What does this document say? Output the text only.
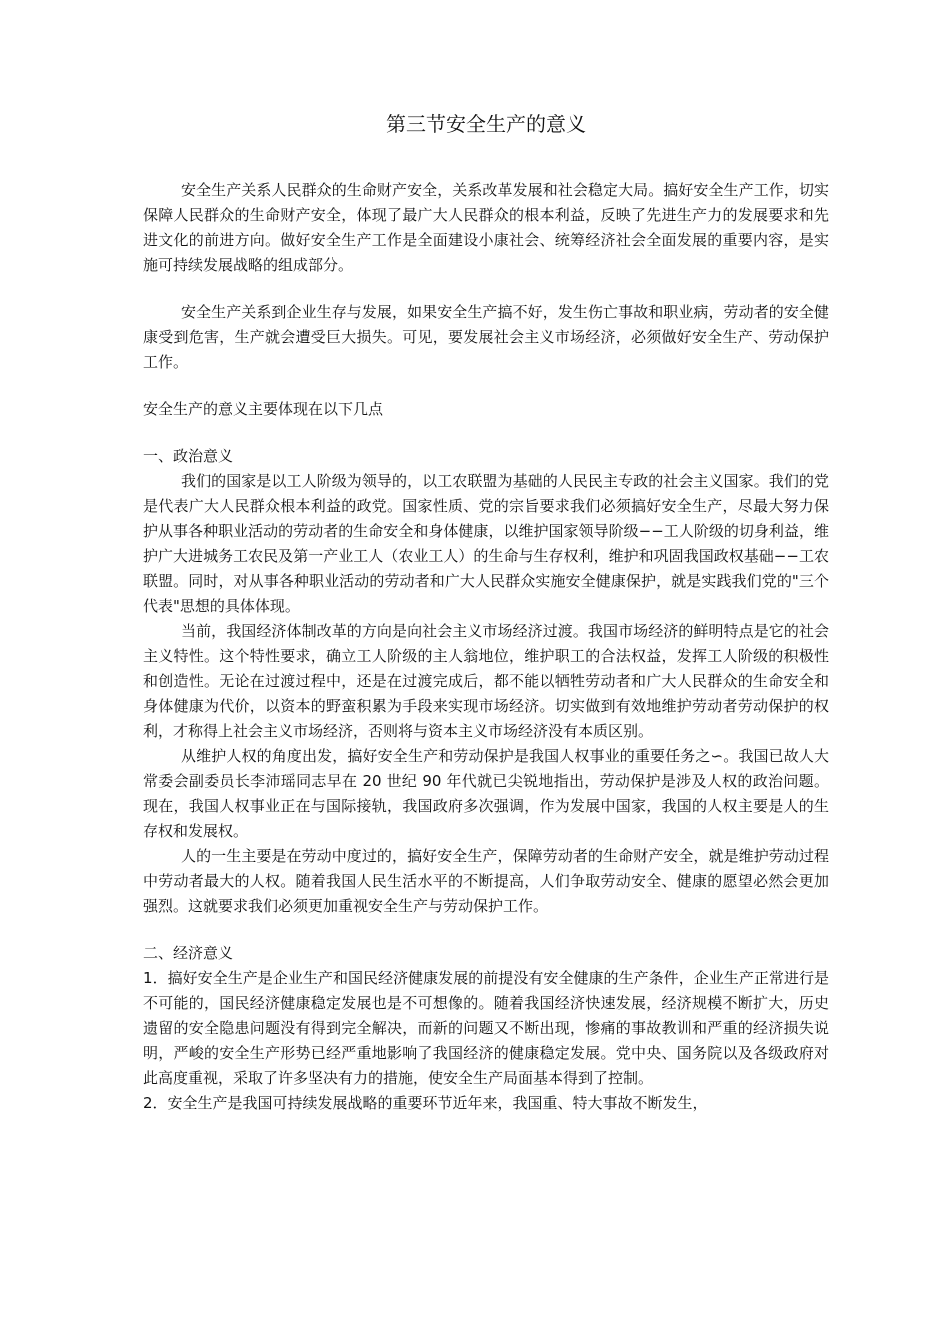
第三节安全生产的意义

安全生产关系人民群众的生命财产安全，关系改革发展和社会稳定大局。搞好安全生产工作，切实保障人民群众的生命财产安全，体现了最广大人民群众的根本利益，反映了先进生产力的发展要求和先进文化的前进方向。做好安全生产工作是全面建设小康社会、统筹经济社会全面发展的重要内容，是实施可持续发展战略的组成部分。

安全生产关系到企业生存与发展，如果安全生产搞不好，发生伤亡事故和职业病，劳动者的安全健康受到危害，生产就会遭受巨大损失。可见，要发展社会主义市场经济，必须做好安全生产、劳动保护工作。

安全生产的意义主要体现在以下几点

一、政治意义

我们的国家是以工人阶级为领导的，以工农联盟为基础的人民民主专政的社会主义国家。我们的党是代表广大人民群众根本利益的政党。国家性质、党的宗旨要求我们必须搞好安全生产，尽最大努力保护从事各种职业活动的劳动者的生命安全和身体健康，以维护国家领导阶级−−工人阶级的切身利益，维护广大进城务工农民及第一产业工人（农业工人）的生命与生存权利，维护和巩固我国政权基础−−工农联盟。同时，对从事各种职业活动的劳动者和广大人民群众实施安全健康保护，就是实践我们党的"三个代表"思想的具体体现。

当前，我国经济体制改革的方向是向社会主义市场经济过渡。我国市场经济的鲜明特点是它的社会主义特性。这个特性要求，确立工人阶级的主人翁地位，维护职工的合法权益，发挥工人阶级的积极性和创造性。无论在过渡过程中，还是在过渡完成后，都不能以牺牲劳动者和广大人民群众的生命安全和身体健康为代价，以资本的野蛮积累为手段来实现市场经济。切实做到有效地维护劳动者劳动保护的权利，才称得上社会主义市场经济，否则将与资本主义市场经济没有本质区别。

从维护人权的角度出发，搞好安全生产和劳动保护是我国人权事业的重要任务之∽。我国已故人大常委会副委员长李沛瑶同志早在 20 世纪 90 年代就已尖锐地指出，劳动保护是涉及人权的政治问题。现在，我国人权事业正在与国际接轨，我国政府多次强调，作为发展中国家，我国的人权主要是人的生存权和发展权。

人的一生主要是在劳动中度过的，搞好安全生产，保障劳动者的生命财产安全，就是维护劳动过程中劳动者最大的人权。随着我国人民生活水平的不断提高，人们争取劳动安全、健康的愿望必然会更加强烈。这就要求我们必须更加重视安全生产与劳动保护工作。

二、经济意义

1．搞好安全生产是企业生产和国民经济健康发展的前提没有安全健康的生产条件，企业生产正常进行是不可能的，国民经济健康稳定发展也是不可想像的。随着我国经济快速发展，经济规模不断扩大，历史遗留的安全隐患问题没有得到完全解决，而新的问题又不断出现，惨痛的事故教训和严重的经济损失说明，严峻的安全生产形势已经严重地影响了我国经济的健康稳定发展。党中央、国务院以及各级政府对此高度重视，采取了许多坚决有力的措施，使安全生产局面基本得到了控制。

2．安全生产是我国可持续发展战略的重要环节近年来，我国重、特大事故不断发生，
